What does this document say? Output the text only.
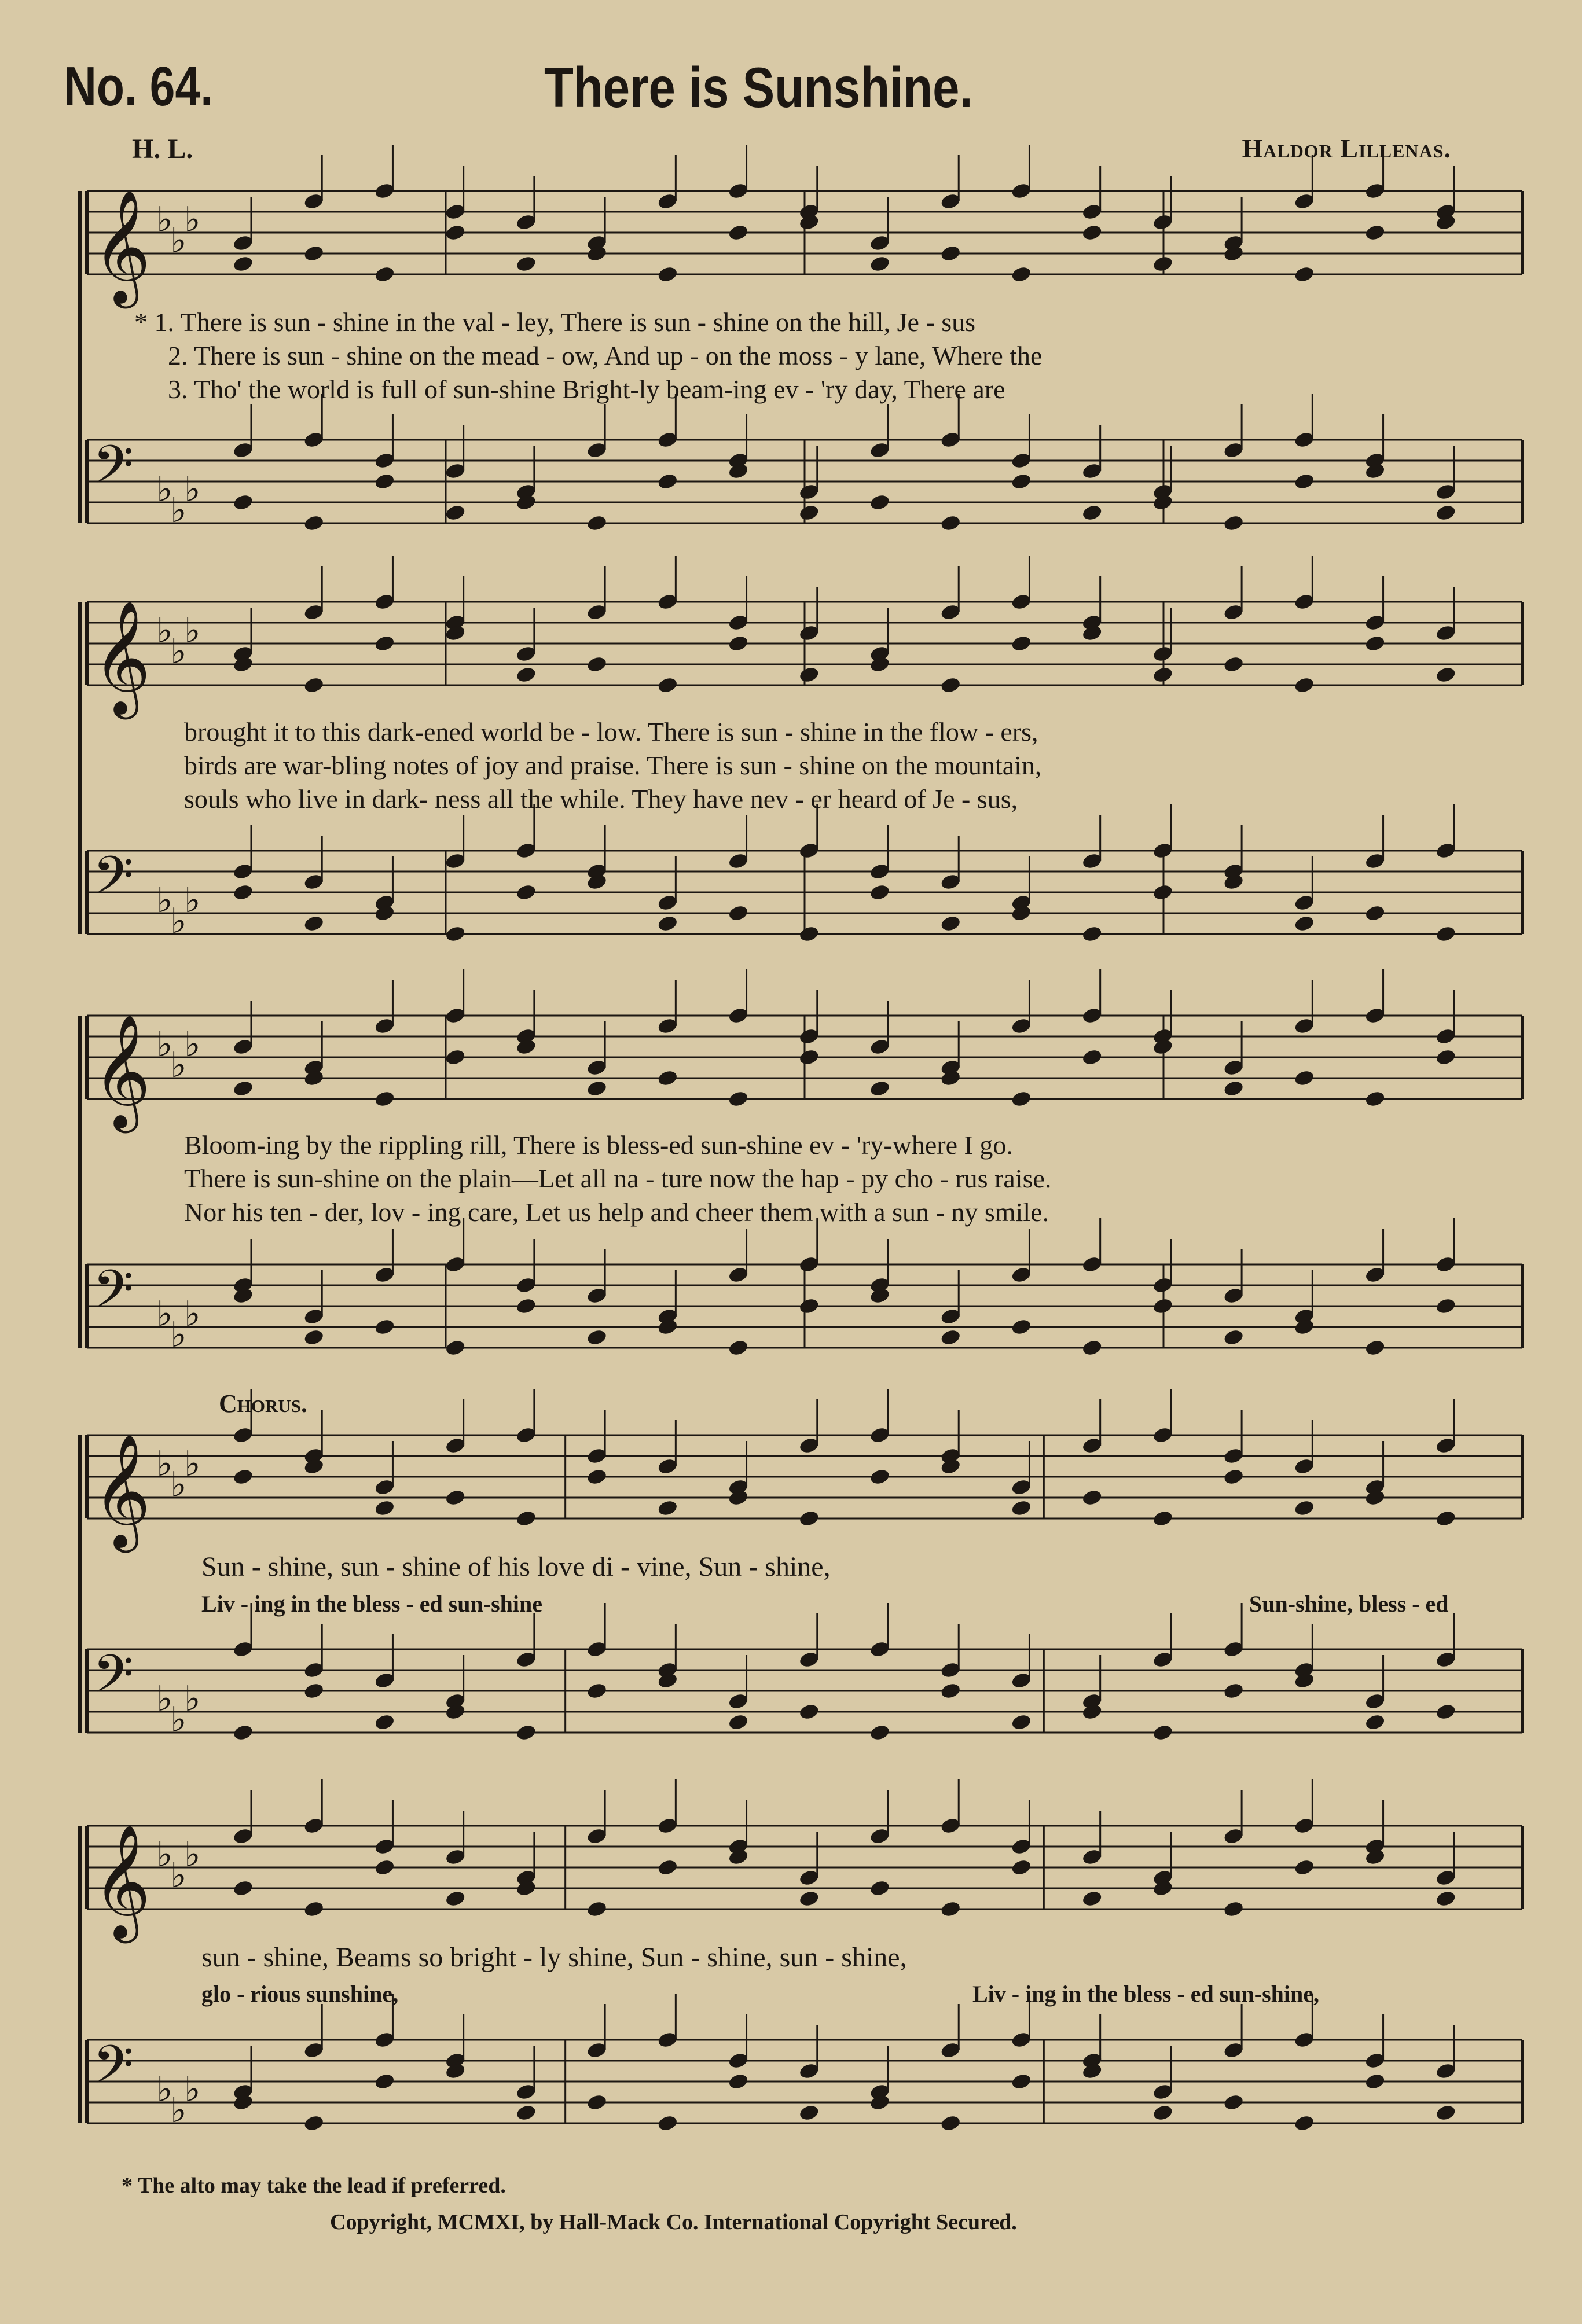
𝄞
𝄢
♭
♭
♭
♭
♭
♭
𝄞
𝄢
♭
♭
♭
♭
♭
♭
𝄞
𝄢
♭
♭
♭
♭
♭
♭
𝄞
𝄢
♭
♭
♭
♭
♭
♭
𝄞
𝄢
♭
♭
♭
♭
♭
♭
No. 64.	There is Sunshine.
H. L.	Haldor Lillenas.
* 1. There is sun - shine in the val - ley, There is sun - shine on the hill, Je - sus
2. There is sun - shine on the mead - ow, And up - on the moss - y lane, Where the
3. Tho' the world is full of sun-shine Bright-ly beam-ing ev - 'ry day, There are
brought it to this dark-ened world be - low. There is sun - shine in the flow - ers,
birds are war-bling notes of joy and praise. There is sun - shine on the mountain,
souls who live in dark- ness all the while. They have nev - er heard of Je - sus,
Bloom-ing by the rippling rill, There is bless-ed sun-shine ev - 'ry-where I go.
There is sun-shine on the plain—Let all na - ture now the hap - py cho - rus raise.
Nor his ten - der, lov - ing care, Let us help and cheer them with a sun - ny smile.
Chorus.
Sun - shine, sun - shine of his love di - vine, Sun - shine,
Liv - ing in the bless - ed sun-shine	Sun-shine, bless - ed
sun - shine, Beams so bright - ly shine, Sun - shine, sun - shine,
glo - rious sunshine,	Liv - ing in the bless - ed sun-shine,
* The alto may take the lead if preferred.
Copyright, MCMXI, by Hall-Mack Co. International Copyright Secured.
